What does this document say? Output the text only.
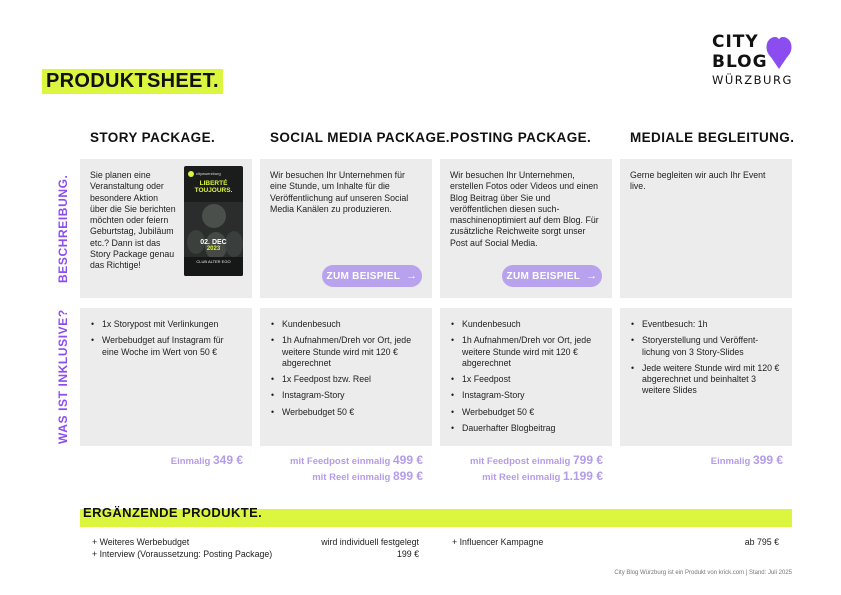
PRODUKTSHEET.
CITY
BLOG
WÜRZBURG
BESCHREIBUNG.
WAS IST INKLUSIVE?
STORY PACKAGE.	SOCIAL MEDIA PACKAGE. POSTING PACKAGE.	MEDIALE BEGLEITUNG.
Sie planen eine Veranstaltung oder besondere Aktion über die Sie berichten möchten oder feiern Geburtstag, Jubiläum etc.? Dann ist das Story Package genau das Richtige!
citywuerzburg
LIBERTÉ
TOUJOURS.
02. DEC
2023
CLUB ALTER EGO
Wir besuchen Ihr Unternehmen für eine Stunde, um Inhalte für die Veröffentlichung auf unseren Social Media Kanälen zu produzieren.
ZUM BEISPIEL →
Wir besuchen Ihr Unternehmen, erstellen Fotos oder Videos und einen Blog Beitrag über Sie und veröffentlichen diesen such-maschinenoptimiert auf dem Blog. Für zusätzliche Reichweite sorgt unser Post auf Social Media.
ZUM BEISPIEL →
Gerne begleiten wir auch Ihr Event live.
• 1x Storypost mit Verlinkungen
• Werbebudget auf Instagram für eine Woche im Wert von 50 €
• Kundenbesuch
• 1h Aufnahmen/Dreh vor Ort, jede weitere Stunde wird mit 120 € abgerechnet
• 1x Feedpost bzw. Reel
• Instagram-Story
• Werbebudget 50 €
• Kundenbesuch
• 1h Aufnahmen/Dreh vor Ort, jede weitere Stunde wird mit 120 € abgerechnet
• 1x Feedpost
• Instagram-Story
• Werbebudget 50 €
• Dauerhafter Blogbeitrag
• Eventbesuch: 1h
• Storyerstellung und Veröffent-lichung von 3 Story-Slides
• Jede weitere Stunde wird mit 120 € abgerechnet und beinhaltet 3 weitere Slides
Einmalig 349 €	mit Feedpost einmalig 499 €
mit Reel einmalig 899 €
mit Feedpost einmalig 799 €
mit Reel einmalig 1.199 €
Einmalig 399 €
ERGÄNZENDE PRODUKTE.
+ Weiteres Werbebudget	wird individuell festgelegt
+ Interview (Voraussetzung: Posting Package)	199 €
+ Influencer Kampagne	ab 795 €
City Blog Würzburg ist ein Produkt von krick.com | Stand: Juli 2025
